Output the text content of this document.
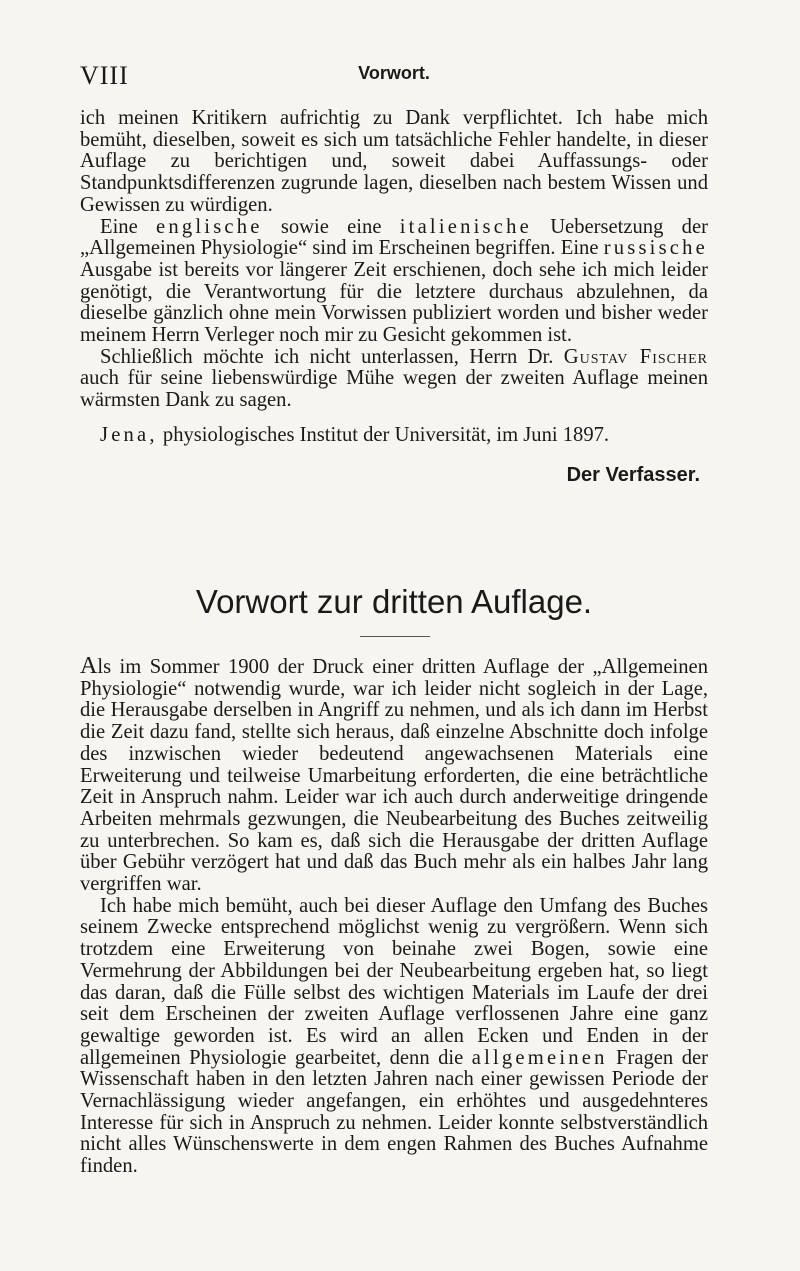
VIII	Vorwort.

ich meinen Kritikern aufrichtig zu Dank verpflichtet. Ich habe mich bemüht, dieselben, soweit es sich um tatsächliche Fehler handelte, in dieser Auflage zu berichtigen und, soweit dabei Auffassungs- oder Standpunktsdifferenzen zugrunde lagen, dieselben nach bestem Wissen und Gewissen zu würdigen.

Eine englische sowie eine italienische Uebersetzung der „Allgemeinen Physiologie“ sind im Erscheinen begriffen. Eine russische Ausgabe ist bereits vor längerer Zeit erschienen, doch sehe ich mich leider genötigt, die Verantwortung für die letztere durchaus abzulehnen, da dieselbe gänzlich ohne mein Vorwissen publiziert worden und bisher weder meinem Herrn Verleger noch mir zu Gesicht gekommen ist.

Schließlich möchte ich nicht unterlassen, Herrn Dr. Gustav Fischer auch für seine liebenswürdige Mühe wegen der zweiten Auflage meinen wärmsten Dank zu sagen.

Jena, physiologisches Institut der Universität, im Juni 1897.

Der Verfasser.
Vorwort zur dritten Auflage.

Als im Sommer 1900 der Druck einer dritten Auflage der „Allgemeinen Physiologie“ notwendig wurde, war ich leider nicht sogleich in der Lage, die Herausgabe derselben in Angriff zu nehmen, und als ich dann im Herbst die Zeit dazu fand, stellte sich heraus, daß einzelne Abschnitte doch infolge des inzwischen wieder bedeutend angewachsenen Materials eine Erweiterung und teilweise Umarbeitung erforderten, die eine beträchtliche Zeit in Anspruch nahm. Leider war ich auch durch anderweitige dringende Arbeiten mehrmals gezwungen, die Neubearbeitung des Buches zeitweilig zu unterbrechen. So kam es, daß sich die Herausgabe der dritten Auflage über Gebühr verzögert hat und daß das Buch mehr als ein halbes Jahr lang vergriffen war.

Ich habe mich bemüht, auch bei dieser Auflage den Umfang des Buches seinem Zwecke entsprechend möglichst wenig zu vergrößern. Wenn sich trotzdem eine Erweiterung von beinahe zwei Bogen, sowie eine Vermehrung der Abbildungen bei der Neubearbeitung ergeben hat, so liegt das daran, daß die Fülle selbst des wichtigen Materials im Laufe der drei seit dem Erscheinen der zweiten Auflage verflossenen Jahre eine ganz gewaltige geworden ist. Es wird an allen Ecken und Enden in der allgemeinen Physiologie gearbeitet, denn die allgemeinen Fragen der Wissenschaft haben in den letzten Jahren nach einer gewissen Periode der Vernachlässigung wieder angefangen, ein erhöhtes und ausgedehnteres Interesse für sich in Anspruch zu nehmen. Leider konnte selbstverständlich nicht alles Wünschenswerte in dem engen Rahmen des Buches Aufnahme finden.
